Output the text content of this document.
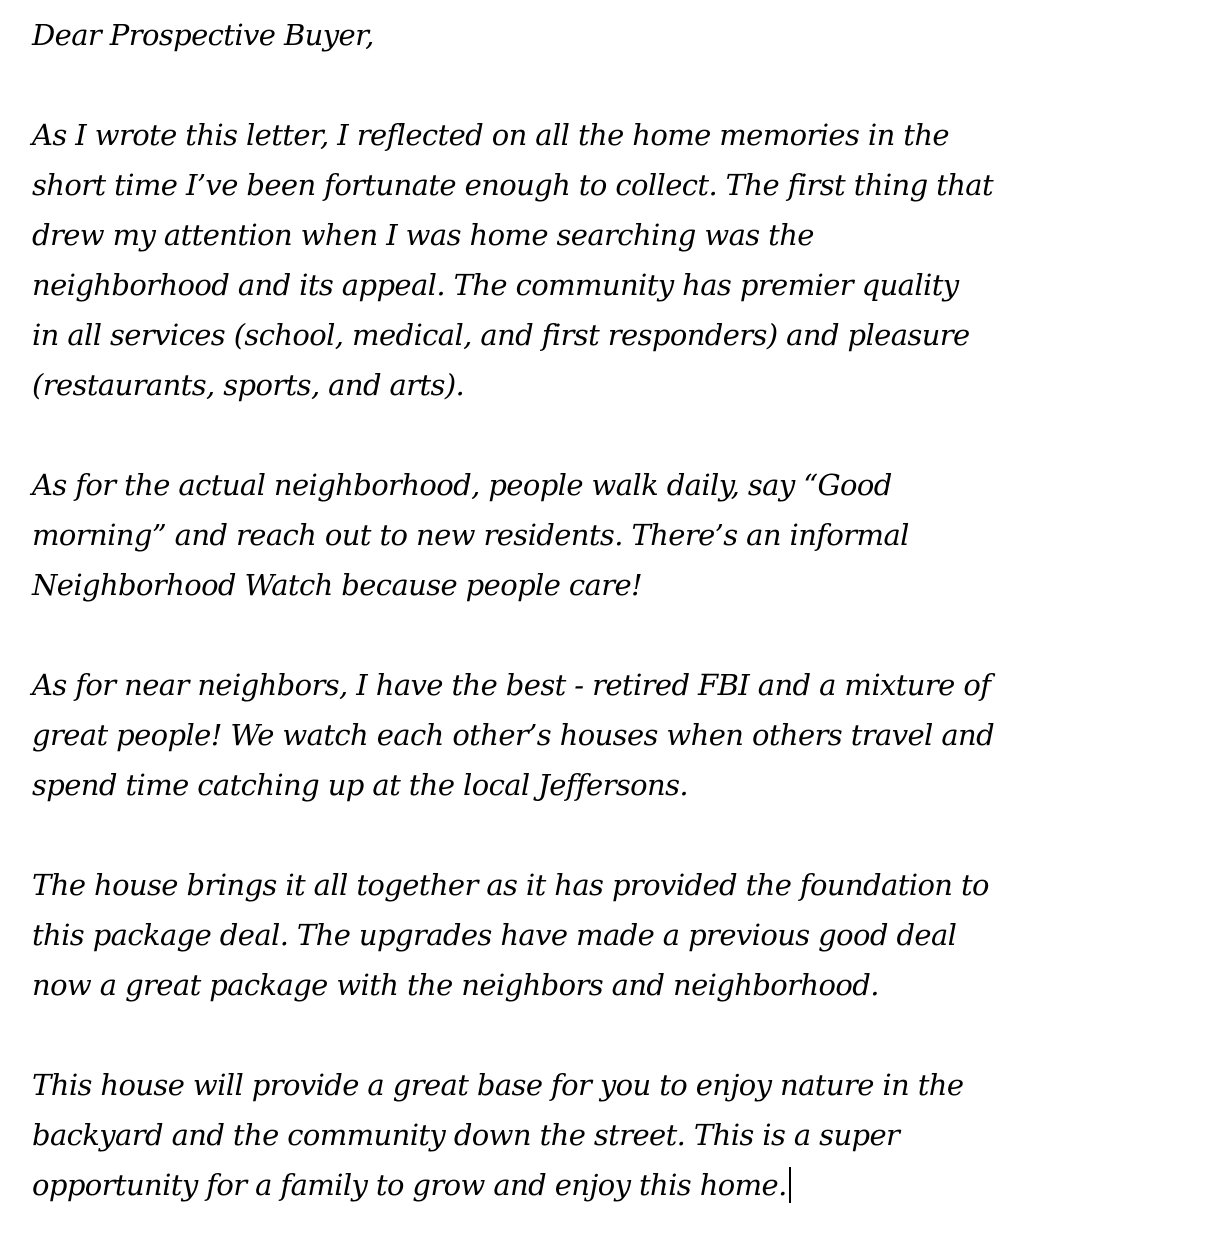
Dear Prospective Buyer,

As I wrote this letter, I reflected on all the home memories in the
short time I’ve been fortunate enough to collect. The first thing that
drew my attention when I was home searching was the
neighborhood and its appeal. The community has premier quality
in all services (school, medical, and first responders) and pleasure
(restaurants, sports, and arts).

As for the actual neighborhood, people walk daily, say “Good
morning” and reach out to new residents. There’s an informal
Neighborhood Watch because people care!

As for near neighbors, I have the best - retired FBI and a mixture of
great people! We watch each other’s houses when others travel and
spend time catching up at the local Jeffersons.

The house brings it all together as it has provided the foundation to
this package deal. The upgrades have made a previous good deal
now a great package with the neighbors and neighborhood.

This house will provide a great base for you to enjoy nature in the
backyard and the community down the street. This is a super
opportunity for a family to grow and enjoy this home.
